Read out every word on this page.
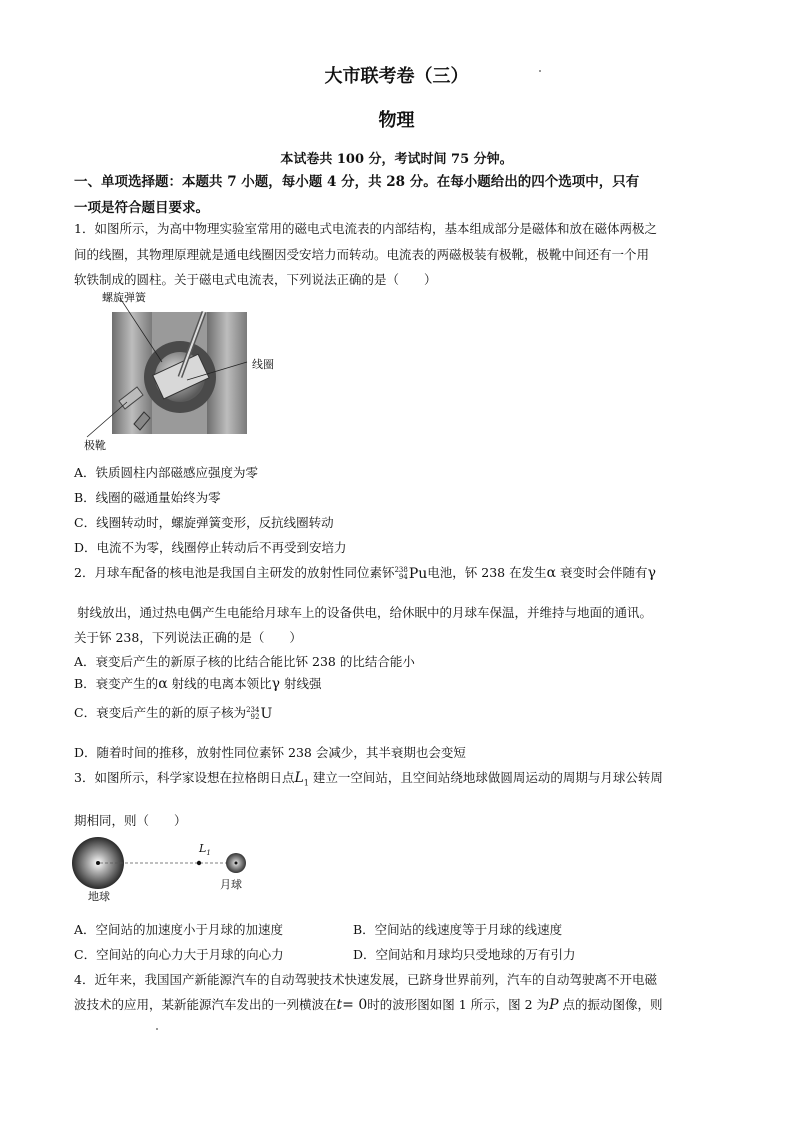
大市联考卷（三）
物理
本试卷共 100 分，考试时间 75 分钟。
一、单项选择题：本题共 7 小题，每小题 4 分，共 28 分。在每小题给出的四个选项中，只有
一项是符合题目要求。
1．如图所示，为高中物理实验室常用的磁电式电流表的内部结构，基本组成部分是磁体和放在磁体两极之
间的线圈，其物理原理就是通电线圈因受安培力而转动。电流表的两磁极装有极靴，极靴中间还有一个用
软铁制成的圆柱。关于磁电式电流表，下列说法正确的是（　　）
螺旋弹簧
线圈
极靴
A．铁质圆柱内部磁感应强度为零
B．线圈的磁通量始终为零
C．线圈转动时，螺旋弹簧变形，反抗线圈转动
D．电流不为零，线圈停止转动后不再受到安培力
2．月球车配备的核电池是我国自主研发的放射性同位素钚 238
94 Pu电池，钚 238 在发生α 衰变时会伴随有γ
射线放出，通过热电偶产生电能给月球车上的设备供电，给休眠中的月球车保温，并维持与地面的通讯。
关于钚 238，下列说法正确的是（　　）
A．衰变后产生的新原子核的比结合能比钚 238 的比结合能小
B．衰变产生的α 射线的电离本领比γ 射线强
C．衰变后产生的新的原子核为 234
92 U
D．随着时间的推移，放射性同位素钚 238 会减少，其半衰期也会变短
3．如图所示，科学家设想在拉格朗日点$L_1$ 建立一空间站，且空间站绕地球做圆周运动的周期与月球公转周
期相同，则（　　）
$L_1$
地球
月球
A．空间站的加速度小于月球的加速度	B．空间站的线速度等于月球的线速度
C．空间站的向心力大于月球的向心力	D．空间站和月球均只受地球的万有引力
4．近年来，我国国产新能源汽车的自动驾驶技术快速发展，已跻身世界前列，汽车的自动驾驶离不开电磁
波技术的应用，某新能源汽车发出的一列横波在t= 0时的波形图如图 1 所示，图 2 为P 点的振动图像，则
